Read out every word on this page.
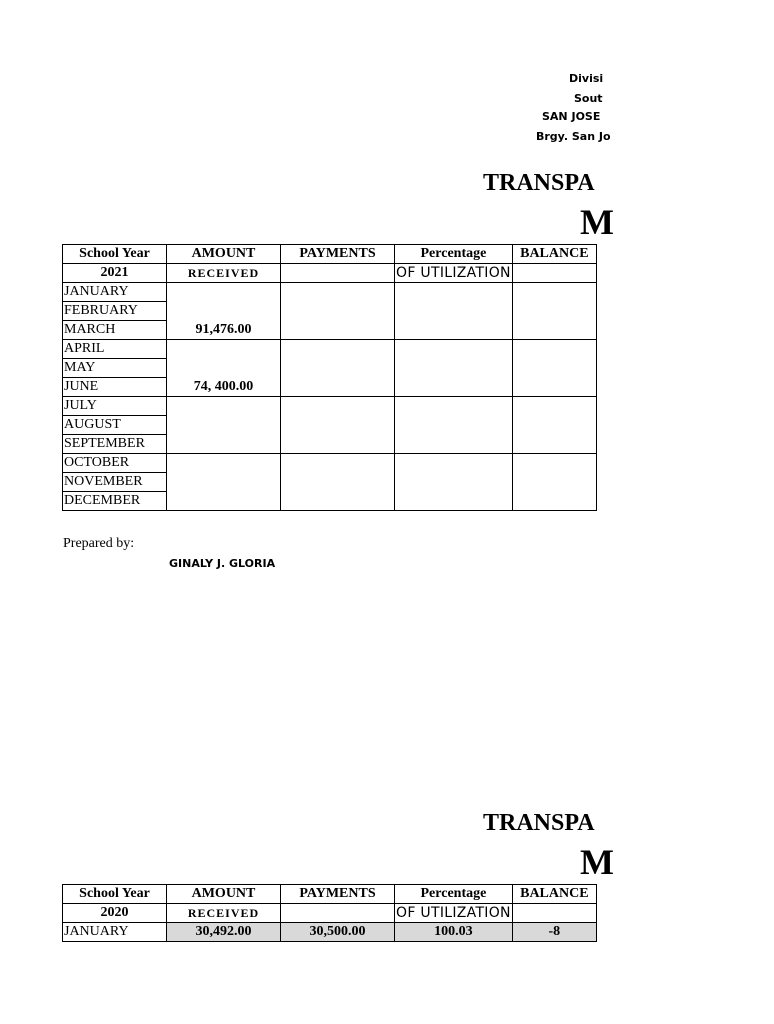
Divisi
Sout
SAN JOSE
Brgy. San Jo
TRANSPA
M
School Year	AMOUNT	PAYMENTS	Percentage	BALANCE
2021	RECEIVED		OF UTILIZATION	
JANUARY	91,476.00			
FEBRUARY				
MARCH				
APRIL	74, 400.00			
MAY				
JUNE				
JULY				
AUGUST				
SEPTEMBER				
OCTOBER				
NOVEMBER				
DECEMBER				
Prepared by:
GINALY J. GLORIA
TRANSPA
M
School Year	AMOUNT	PAYMENTS	Percentage	BALANCE
2020	RECEIVED		OF UTILIZATION	
JANUARY	30,492.00	30,500.00	100.03	-8
